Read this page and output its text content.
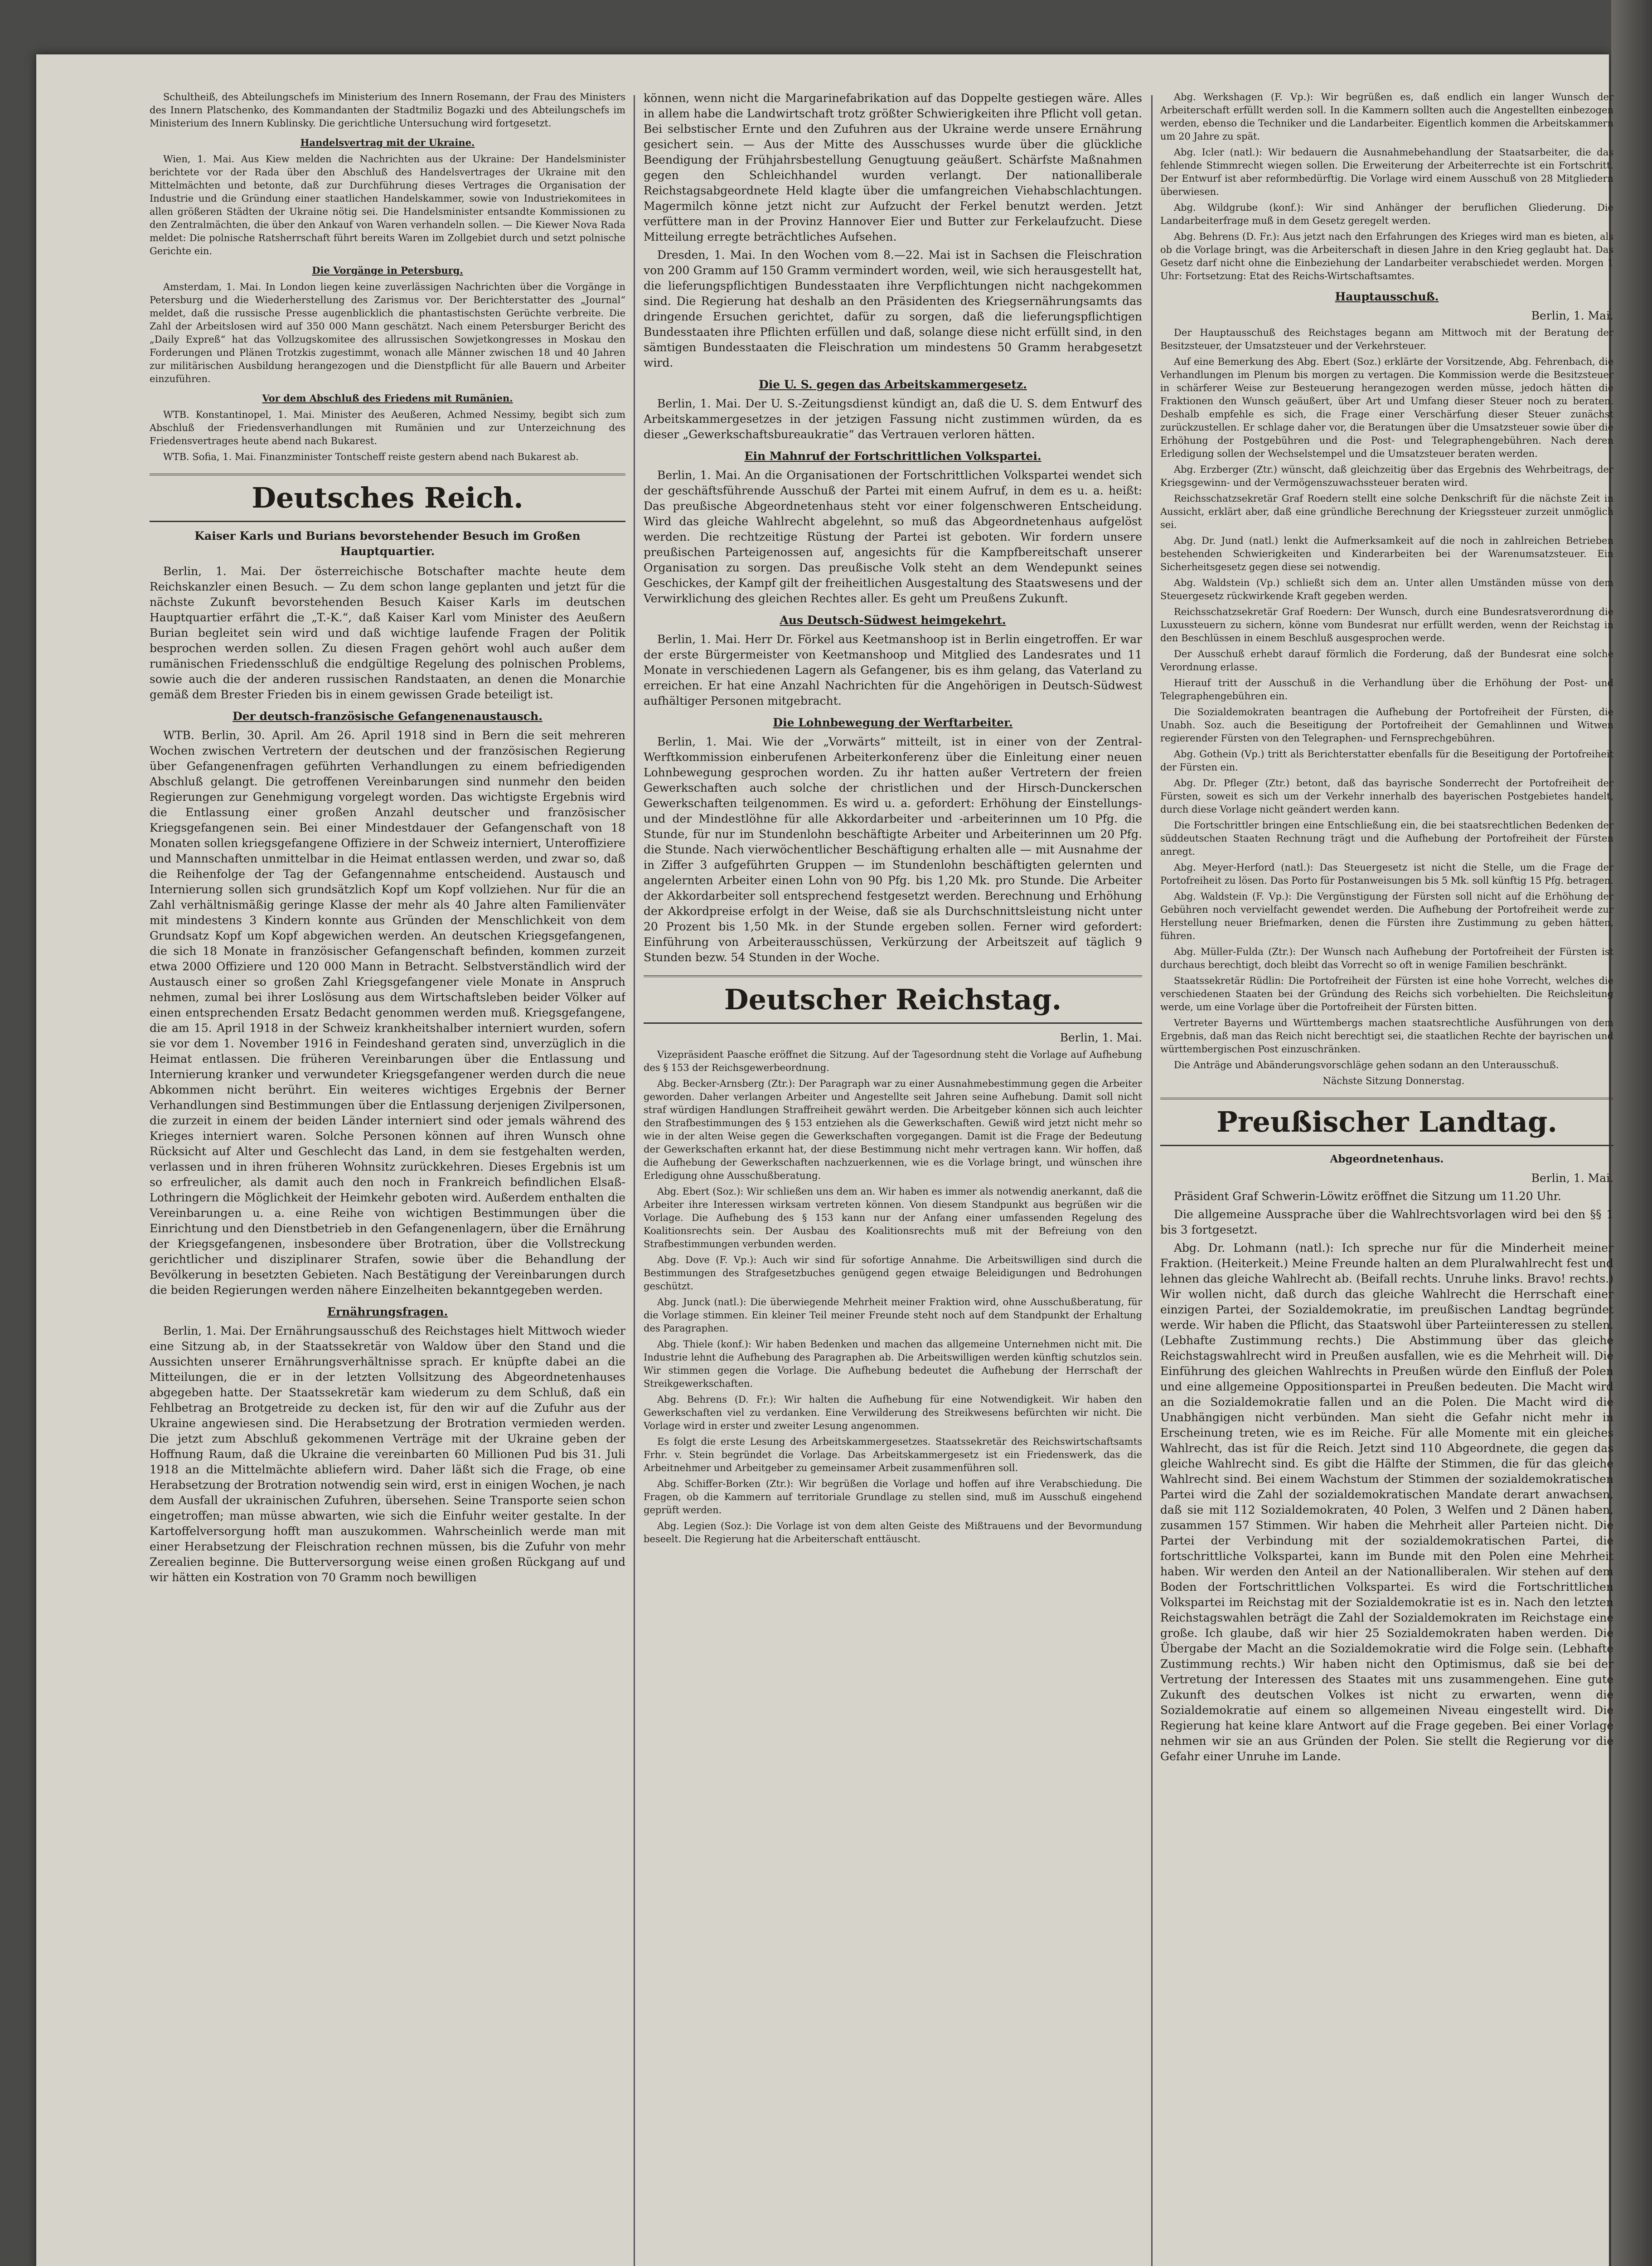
Schultheiß, des Abteilungschefs im Ministerium des Innern Rosemann, der Frau des Ministers des Innern Platschenko, des Kommandanten der Stadtmiliz Bogazki und des Abteilungschefs im Ministerium des Innern Kublinsky. Die gerichtliche Untersuchung wird fortgesetzt.

Handelsvertrag mit der Ukraine.

Wien, 1. Mai. Aus Kiew melden die Nachrichten aus der Ukraine: Der Handelsminister berichtete vor der Rada über den Abschluß des Handelsvertrages der Ukraine mit den Mittelmächten und betonte, daß zur Durchführung dieses Vertrages die Organisation der Industrie und die Gründung einer staatlichen Handelskammer, sowie von Industriekomitees in allen größeren Städten der Ukraine nötig sei. Die Handelsminister entsandte Kommissionen zu den Zentralmächten, die über den Ankauf von Waren verhandeln sollen. — Die Kiewer Nova Rada meldet: Die polnische Ratsherrschaft führt bereits Waren im Zollgebiet durch und setzt polnische Gerichte ein.

Die Vorgänge in Petersburg.

Amsterdam, 1. Mai. In London liegen keine zuverlässigen Nachrichten über die Vorgänge in Petersburg und die Wiederherstellung des Zarismus vor. Der Berichterstatter des „Journal“ meldet, daß die russische Presse augenblicklich die phantastischsten Gerüchte verbreite. Die Zahl der Arbeitslosen wird auf 350 000 Mann geschätzt. Nach einem Petersburger Bericht des „Daily Expreß“ hat das Vollzugskomitee des allrussischen Sowjetkongresses in Moskau den Forderungen und Plänen Trotzkis zugestimmt, wonach alle Männer zwischen 18 und 40 Jahren zur militärischen Ausbildung herangezogen und die Dienstpflicht für alle Bauern und Arbeiter einzuführen.

Vor dem Abschluß des Friedens mit Rumänien.

WTB. Konstantinopel, 1. Mai. Minister des Aeußeren, Achmed Nessimy, begibt sich zum Abschluß der Friedensverhandlungen mit Rumänien und zur Unterzeichnung des Friedensvertrages heute abend nach Bukarest.

WTB. Sofia, 1. Mai. Finanzminister Tontscheff reiste gestern abend nach Bukarest ab.

Deutsches Reich.
Kaiser Karls und Burians bevorstehender Besuch im Großen Hauptquartier.

Berlin, 1. Mai. Der österreichische Botschafter machte heute dem Reichskanzler einen Besuch. — Zu dem schon lange geplanten und jetzt für die nächste Zukunft bevorstehenden Besuch Kaiser Karls im deutschen Hauptquartier erfährt die „T.-K.“, daß Kaiser Karl vom Minister des Aeußern Burian begleitet sein wird und daß wichtige laufende Fragen der Politik besprochen werden sollen. Zu diesen Fragen gehört wohl auch außer dem rumänischen Friedensschluß die endgültige Regelung des polnischen Problems, sowie auch die der anderen russischen Randstaaten, an denen die Monarchie gemäß dem Brester Frieden bis in einem gewissen Grade beteiligt ist.

Der deutsch-französische Gefangenenaustausch.

WTB. Berlin, 30. April. Am 26. April 1918 sind in Bern die seit mehreren Wochen zwischen Vertretern der deutschen und der französischen Regierung über Gefangenenfragen geführten Verhandlungen zu einem befriedigenden Abschluß gelangt. Die getroffenen Vereinbarungen sind nunmehr den beiden Regierungen zur Genehmigung vorgelegt worden. Das wichtigste Ergebnis wird die Entlassung einer großen Anzahl deutscher und französischer Kriegsgefangenen sein. Bei einer Mindestdauer der Gefangenschaft von 18 Monaten sollen kriegsgefangene Offiziere in der Schweiz interniert, Unteroffiziere und Mannschaften unmittelbar in die Heimat entlassen werden, und zwar so, daß die Reihenfolge der Tag der Gefangennahme entscheidend. Austausch und Internierung sollen sich grundsätzlich Kopf um Kopf vollziehen. Nur für die an Zahl verhältnismäßig geringe Klasse der mehr als 40 Jahre alten Familienväter mit mindestens 3 Kindern konnte aus Gründen der Menschlichkeit von dem Grundsatz Kopf um Kopf abgewichen werden. An deutschen Kriegsgefangenen, die sich 18 Monate in französischer Gefangenschaft befinden, kommen zurzeit etwa 2000 Offiziere und 120 000 Mann in Betracht. Selbstverständlich wird der Austausch einer so großen Zahl Kriegsgefangener viele Monate in Anspruch nehmen, zumal bei ihrer Loslösung aus dem Wirtschaftsleben beider Völker auf einen entsprechenden Ersatz Bedacht genommen werden muß. Kriegsgefangene, die am 15. April 1918 in der Schweiz krankheitshalber interniert wurden, sofern sie vor dem 1. November 1916 in Feindeshand geraten sind, unverzüglich in die Heimat entlassen. Die früheren Vereinbarungen über die Entlassung und Internierung kranker und verwundeter Kriegsgefangener werden durch die neue Abkommen nicht berührt. Ein weiteres wichtiges Ergebnis der Berner Verhandlungen sind Bestimmungen über die Entlassung derjenigen Zivilpersonen, die zurzeit in einem der beiden Länder interniert sind oder jemals während des Krieges interniert waren. Solche Personen können auf ihren Wunsch ohne Rücksicht auf Alter und Geschlecht das Land, in dem sie festgehalten werden, verlassen und in ihren früheren Wohnsitz zurückkehren. Dieses Ergebnis ist um so erfreulicher, als damit auch den noch in Frankreich befindlichen Elsaß-Lothringern die Möglichkeit der Heimkehr geboten wird. Außerdem enthalten die Vereinbarungen u. a. eine Reihe von wichtigen Bestimmungen über die Einrichtung und den Dienstbetrieb in den Gefangenenlagern, über die Ernährung der Kriegsgefangenen, insbesondere über Brotration, über die Vollstreckung gerichtlicher und disziplinarer Strafen, sowie über die Behandlung der Bevölkerung in besetzten Gebieten. Nach Bestätigung der Vereinbarungen durch die beiden Regierungen werden nähere Einzelheiten bekanntgegeben werden.

Ernährungsfragen.

Berlin, 1. Mai. Der Ernährungsausschuß des Reichstages hielt Mittwoch wieder eine Sitzung ab, in der Staatssekretär von Waldow über den Stand und die Aussichten unserer Ernährungsverhältnisse sprach. Er knüpfte dabei an die Mitteilungen, die er in der letzten Vollsitzung des Abgeordnetenhauses abgegeben hatte. Der Staatssekretär kam wiederum zu dem Schluß, daß ein Fehlbetrag an Brotgetreide zu decken ist, für den wir auf die Zufuhr aus der Ukraine angewiesen sind. Die Herabsetzung der Brotration vermieden werden. Die jetzt zum Abschluß gekommenen Verträge mit der Ukraine geben der Hoffnung Raum, daß die Ukraine die vereinbarten 60 Millionen Pud bis 31. Juli 1918 an die Mittelmächte abliefern wird. Daher läßt sich die Frage, ob eine Herabsetzung der Brotration notwendig sein wird, erst in einigen Wochen, je nach dem Ausfall der ukrainischen Zufuhren, übersehen. Seine Transporte seien schon eingetroffen; man müsse abwarten, wie sich die Einfuhr weiter gestalte. In der Kartoffelversorgung hofft man auszukommen. Wahrscheinlich werde man mit einer Herabsetzung der Fleischration rechnen müssen, bis die Zufuhr von mehr Zerealien beginne. Die Butterversorgung weise einen großen Rückgang auf und wir hätten ein Kostration von 70 Gramm noch bewilligen

können, wenn nicht die Margarinefabrikation auf das Doppelte gestiegen wäre. Alles in allem habe die Landwirtschaft trotz größter Schwierigkeiten ihre Pflicht voll getan. Bei selbstischer Ernte und den Zufuhren aus der Ukraine werde unsere Ernährung gesichert sein. — Aus der Mitte des Ausschusses wurde über die glückliche Beendigung der Frühjahrsbestellung Genugtuung geäußert. Schärfste Maßnahmen gegen den Schleichhandel wurden verlangt. Der nationalliberale Reichstagsabgeordnete Held klagte über die umfangreichen Viehabschlachtungen. Magermilch könne jetzt nicht zur Aufzucht der Ferkel benutzt werden. Jetzt verfüttere man in der Provinz Hannover Eier und Butter zur Ferkelaufzucht. Diese Mitteilung erregte beträchtliches Aufsehen.

Dresden, 1. Mai. In den Wochen vom 8.—22. Mai ist in Sachsen die Fleischration von 200 Gramm auf 150 Gramm vermindert worden, weil, wie sich herausgestellt hat, die lieferungspflichtigen Bundesstaaten ihre Verpflichtungen nicht nachgekommen sind. Die Regierung hat deshalb an den Präsidenten des Kriegsernährungsamts das dringende Ersuchen gerichtet, dafür zu sorgen, daß die lieferungspflichtigen Bundesstaaten ihre Pflichten erfüllen und daß, solange diese nicht erfüllt sind, in den sämtigen Bundesstaaten die Fleischration um mindestens 50 Gramm herabgesetzt wird.

Die U. S. gegen das Arbeitskammergesetz.

Berlin, 1. Mai. Der U. S.-Zeitungsdienst kündigt an, daß die U. S. dem Entwurf des Arbeitskammergesetzes in der jetzigen Fassung nicht zustimmen würden, da es dieser „Gewerkschaftsbureaukratie“ das Vertrauen verloren hätten.

Ein Mahnruf der Fortschrittlichen Volkspartei.

Berlin, 1. Mai. An die Organisationen der Fortschrittlichen Volkspartei wendet sich der geschäftsführende Ausschuß der Partei mit einem Aufruf, in dem es u. a. heißt: Das preußische Abgeordnetenhaus steht vor einer folgenschweren Entscheidung. Wird das gleiche Wahlrecht abgelehnt, so muß das Abgeordnetenhaus aufgelöst werden. Die rechtzeitige Rüstung der Partei ist geboten. Wir fordern unsere preußischen Parteigenossen auf, angesichts für die Kampfbereitschaft unserer Organisation zu sorgen. Das preußische Volk steht an dem Wendepunkt seines Geschickes, der Kampf gilt der freiheitlichen Ausgestaltung des Staatswesens und der Verwirklichung des gleichen Rechtes aller. Es geht um Preußens Zukunft.

Aus Deutsch-Südwest heimgekehrt.

Berlin, 1. Mai. Herr Dr. Förkel aus Keetmanshoop ist in Berlin eingetroffen. Er war der erste Bürgermeister von Keetmanshoop und Mitglied des Landesrates und 11 Monate in verschiedenen Lagern als Gefangener, bis es ihm gelang, das Vaterland zu erreichen. Er hat eine Anzahl Nachrichten für die Angehörigen in Deutsch-Südwest aufhältiger Personen mitgebracht.

Die Lohnbewegung der Werftarbeiter.

Berlin, 1. Mai. Wie der „Vorwärts“ mitteilt, ist in einer von der Zentral-Werftkommission einberufenen Arbeiterkonferenz über die Einleitung einer neuen Lohnbewegung gesprochen worden. Zu ihr hatten außer Vertretern der freien Gewerkschaften auch solche der christlichen und der Hirsch-Dunckerschen Gewerkschaften teilgenommen. Es wird u. a. gefordert: Erhöhung der Einstellungs- und der Mindestlöhne für alle Akkordarbeiter und -arbeiterinnen um 10 Pfg. die Stunde, für nur im Stundenlohn beschäftigte Arbeiter und Arbeiterinnen um 20 Pfg. die Stunde. Nach vierwöchentlicher Beschäftigung erhalten alle — mit Ausnahme der in Ziffer 3 aufgeführten Gruppen — im Stundenlohn beschäftigten gelernten und angelernten Arbeiter einen Lohn von 90 Pfg. bis 1,20 Mk. pro Stunde. Die Arbeiter der Akkordarbeiter soll entsprechend festgesetzt werden. Berechnung und Erhöhung der Akkordpreise erfolgt in der Weise, daß sie als Durchschnittsleistung nicht unter 20 Prozent bis 1,50 Mk. in der Stunde ergeben sollen. Ferner wird gefordert: Einführung von Arbeiterausschüssen, Verkürzung der Arbeitszeit auf täglich 9 Stunden bezw. 54 Stunden in der Woche.

Deutscher Reichstag.
Berlin, 1. Mai.

Vizepräsident Paasche eröffnet die Sitzung. Auf der Tagesordnung steht die Vorlage auf Aufhebung des § 153 der Reichsgewerbeordnung.

Abg. Becker-Arnsberg (Ztr.): Der Paragraph war zu einer Ausnahmebestimmung gegen die Arbeiter geworden. Daher verlangen Arbeiter und Angestellte seit Jahren seine Aufhebung. Damit soll nicht straf würdigen Handlungen Straffreiheit gewährt werden. Die Arbeitgeber können sich auch leichter den Strafbestimmungen des § 153 entziehen als die Gewerkschaften. Gewiß wird jetzt nicht mehr so wie in der alten Weise gegen die Gewerkschaften vorgegangen. Damit ist die Frage der Bedeutung der Gewerkschaften erkannt hat, der diese Bestimmung nicht mehr vertragen kann. Wir hoffen, daß die Aufhebung der Gewerkschaften nachzuerkennen, wie es die Vorlage bringt, und wünschen ihre Erledigung ohne Ausschußberatung.

Abg. Ebert (Soz.): Wir schließen uns dem an. Wir haben es immer als notwendig anerkannt, daß die Arbeiter ihre Interessen wirksam vertreten können. Von diesem Standpunkt aus begrüßen wir die Vorlage. Die Aufhebung des § 153 kann nur der Anfang einer umfassenden Regelung des Koalitionsrechts sein. Der Ausbau des Koalitionsrechts muß mit der Befreiung von den Strafbestimmungen verbunden werden.

Abg. Dove (F. Vp.): Auch wir sind für sofortige Annahme. Die Arbeitswilligen sind durch die Bestimmungen des Strafgesetzbuches genügend gegen etwaige Beleidigungen und Bedrohungen geschützt.

Abg. Junck (natl.): Die überwiegende Mehrheit meiner Fraktion wird, ohne Ausschußberatung, für die Vorlage stimmen. Ein kleiner Teil meiner Freunde steht noch auf dem Standpunkt der Erhaltung des Paragraphen.

Abg. Thiele (konf.): Wir haben Bedenken und machen das allgemeine Unternehmen nicht mit. Die Industrie lehnt die Aufhebung des Paragraphen ab. Die Arbeitswilligen werden künftig schutzlos sein. Wir stimmen gegen die Vorlage. Die Aufhebung bedeutet die Aufhebung der Herrschaft der Streikgewerkschaften.

Abg. Behrens (D. Fr.): Wir halten die Aufhebung für eine Notwendigkeit. Wir haben den Gewerkschaften viel zu verdanken. Eine Verwilderung des Streikwesens befürchten wir nicht. Die Vorlage wird in erster und zweiter Lesung angenommen.

Es folgt die erste Lesung des Arbeitskammergesetzes. Staatssekretär des Reichswirtschaftsamts Frhr. v. Stein begründet die Vorlage. Das Arbeitskammergesetz ist ein Friedenswerk, das die Arbeitnehmer und Arbeitgeber zu gemeinsamer Arbeit zusammenführen soll.

Abg. Schiffer-Borken (Ztr.): Wir begrüßen die Vorlage und hoffen auf ihre Verabschiedung. Die Fragen, ob die Kammern auf territoriale Grundlage zu stellen sind, muß im Ausschuß eingehend geprüft werden.

Abg. Legien (Soz.): Die Vorlage ist von dem alten Geiste des Mißtrauens und der Bevormundung beseelt. Die Regierung hat die Arbeiterschaft enttäuscht.

Abg. Werkshagen (F. Vp.): Wir begrüßen es, daß endlich ein langer Wunsch der Arbeiterschaft erfüllt werden soll. In die Kammern sollten auch die Angestellten einbezogen werden, ebenso die Techniker und die Landarbeiter. Eigentlich kommen die Arbeitskammern um 20 Jahre zu spät.

Abg. Icler (natl.): Wir bedauern die Ausnahmebehandlung der Staatsarbeiter, die das fehlende Stimmrecht wiegen sollen. Die Erweiterung der Arbeiterrechte ist ein Fortschritt. Der Entwurf ist aber reformbedürftig. Die Vorlage wird einem Ausschuß von 28 Mitgliedern überwiesen.

Abg. Wildgrube (konf.): Wir sind Anhänger der beruflichen Gliederung. Die Landarbeiterfrage muß in dem Gesetz geregelt werden.

Abg. Behrens (D. Fr.): Aus jetzt nach den Erfahrungen des Krieges wird man es bieten, als ob die Vorlage bringt, was die Arbeiterschaft in diesen Jahre in den Krieg geglaubt hat. Das Gesetz darf nicht ohne die Einbeziehung der Landarbeiter verabschiedet werden. Morgen 1 Uhr: Fortsetzung: Etat des Reichs-Wirtschaftsamtes.

Hauptausschuß.
Berlin, 1. Mai.

Der Hauptausschuß des Reichstages begann am Mittwoch mit der Beratung der Besitzsteuer, der Umsatzsteuer und der Verkehrsteuer.

Auf eine Bemerkung des Abg. Ebert (Soz.) erklärte der Vorsitzende, Abg. Fehrenbach, die Verhandlungen im Plenum bis morgen zu vertagen. Die Kommission werde die Besitzsteuer in schärferer Weise zur Besteuerung herangezogen werden müsse, jedoch hätten die Fraktionen den Wunsch geäußert, über Art und Umfang dieser Steuer noch zu beraten. Deshalb empfehle es sich, die Frage einer Verschärfung dieser Steuer zunächst zurückzustellen. Er schlage daher vor, die Beratungen über die Umsatzsteuer sowie über die Erhöhung der Postgebühren und die Post- und Telegraphengebühren. Nach deren Erledigung sollen der Wechselstempel und die Umsatzsteuer beraten werden.

Abg. Erzberger (Ztr.) wünscht, daß gleichzeitig über das Ergebnis des Wehrbeitrags, der Kriegsgewinn- und der Vermögenszuwachssteuer beraten wird.

Reichsschatzsekretär Graf Roedern stellt eine solche Denkschrift für die nächste Zeit in Aussicht, erklärt aber, daß eine gründliche Berechnung der Kriegssteuer zurzeit unmöglich sei.

Abg. Dr. Jund (natl.) lenkt die Aufmerksamkeit auf die noch in zahlreichen Betrieben bestehenden Schwierigkeiten und Kinderarbeiten bei der Warenumsatzsteuer. Ein Sicherheitsgesetz gegen diese sei notwendig.

Abg. Waldstein (Vp.) schließt sich dem an. Unter allen Umständen müsse von dem Steuergesetz rückwirkende Kraft gegeben werden.

Reichsschatzsekretär Graf Roedern: Der Wunsch, durch eine Bundesratsverordnung die Luxussteuern zu sichern, könne vom Bundesrat nur erfüllt werden, wenn der Reichstag in den Beschlüssen in einem Beschluß ausgesprochen werde.

Der Ausschuß erhebt darauf förmlich die Forderung, daß der Bundesrat eine solche Verordnung erlasse.

Hierauf tritt der Ausschuß in die Verhandlung über die Erhöhung der Post- und Telegraphengebühren ein.

Die Sozialdemokraten beantragen die Aufhebung der Portofreiheit der Fürsten, die Unabh. Soz. auch die Beseitigung der Portofreiheit der Gemahlinnen und Witwen regierender Fürsten von den Telegraphen- und Fernsprechgebühren.

Abg. Gothein (Vp.) tritt als Berichterstatter ebenfalls für die Beseitigung der Portofreiheit der Fürsten ein.

Abg. Dr. Pfleger (Ztr.) betont, daß das bayrische Sonderrecht der Portofreiheit der Fürsten, soweit es sich um der Verkehr innerhalb des bayerischen Postgebietes handelt, durch diese Vorlage nicht geändert werden kann.

Die Fortschrittler bringen eine Entschließung ein, die bei staatsrechtlichen Bedenken der süddeutschen Staaten Rechnung trägt und die Aufhebung der Portofreiheit der Fürsten anregt.

Abg. Meyer-Herford (natl.): Das Steuergesetz ist nicht die Stelle, um die Frage der Portofreiheit zu lösen. Das Porto für Postanweisungen bis 5 Mk. soll künftig 15 Pfg. betragen.

Abg. Waldstein (F. Vp.): Die Vergünstigung der Fürsten soll nicht auf die Erhöhung der Gebühren noch vervielfacht gewendet werden. Die Aufhebung der Portofreiheit werde zur Herstellung neuer Briefmarken, denen die Fürsten ihre Zustimmung zu geben hätten, führen.

Abg. Müller-Fulda (Ztr.): Der Wunsch nach Aufhebung der Portofreiheit der Fürsten ist durchaus berechtigt, doch bleibt das Vorrecht so oft in wenige Familien beschränkt.

Staatssekretär Rüdlin: Die Portofreiheit der Fürsten ist eine hohe Vorrecht, welches die verschiedenen Staaten bei der Gründung des Reichs sich vorbehielten. Die Reichsleitung werde, um eine Vorlage über die Portofreiheit der Fürsten bitten.

Vertreter Bayerns und Württembergs machen staatsrechtliche Ausführungen von dem Ergebnis, daß man das Reich nicht berechtigt sei, die staatlichen Rechte der bayrischen und württembergischen Post einzuschränken.

Die Anträge und Abänderungsvorschläge gehen sodann an den Unterausschuß.

Nächste Sitzung Donnerstag.

Preußischer Landtag.
Abgeordnetenhaus.
Berlin, 1. Mai.

Präsident Graf Schwerin-Löwitz eröffnet die Sitzung um 11.20 Uhr.

Die allgemeine Aussprache über die Wahlrechtsvorlagen wird bei den §§ 1 bis 3 fortgesetzt.

Abg. Dr. Lohmann (natl.): Ich spreche nur für die Minderheit meiner Fraktion. (Heiterkeit.) Meine Freunde halten an dem Pluralwahlrecht fest und lehnen das gleiche Wahlrecht ab. (Beifall rechts. Unruhe links. Bravo! rechts.) Wir wollen nicht, daß durch das gleiche Wahlrecht die Herrschaft einer einzigen Partei, der Sozialdemokratie, im preußischen Landtag begründet werde. Wir haben die Pflicht, das Staatswohl über Parteiinteressen zu stellen. (Lebhafte Zustimmung rechts.) Die Abstimmung über das gleiche Reichstagswahlrecht wird in Preußen ausfallen, wie es die Mehrheit will. Die Einführung des gleichen Wahlrechts in Preußen würde den Einfluß der Polen und eine allgemeine Oppositionspartei in Preußen bedeuten. Die Macht wird an die Sozialdemokratie fallen und an die Polen. Die Macht wird die Unabhängigen nicht verbünden. Man sieht die Gefahr nicht mehr in Erscheinung treten, wie es im Reiche. Für alle Momente mit ein gleiches Wahlrecht, das ist für die Reich. Jetzt sind 110 Abgeordnete, die gegen das gleiche Wahlrecht sind. Es gibt die Hälfte der Stimmen, die für das gleiche Wahlrecht sind. Bei einem Wachstum der Stimmen der sozialdemokratischen Partei wird die Zahl der sozialdemokratischen Mandate derart anwachsen, daß sie mit 112 Sozialdemokraten, 40 Polen, 3 Welfen und 2 Dänen haben, zusammen 157 Stimmen. Wir haben die Mehrheit aller Parteien nicht. Die Partei der Verbindung mit der sozialdemokratischen Partei, die fortschrittliche Volkspartei, kann im Bunde mit den Polen eine Mehrheit haben. Wir werden den Anteil an der Nationalliberalen. Wir stehen auf dem Boden der Fortschrittlichen Volkspartei. Es wird die Fortschrittlichen Volkspartei im Reichstag mit der Sozialdemokratie ist es in. Nach den letzten Reichstagswahlen beträgt die Zahl der Sozialdemokraten im Reichstage eine große. Ich glaube, daß wir hier 25 Sozialdemokraten haben werden. Die Übergabe der Macht an die Sozialdemokratie wird die Folge sein. (Lebhafte Zustimmung rechts.) Wir haben nicht den Optimismus, daß sie bei der Vertretung der Interessen des Staates mit uns zusammengehen. Eine gute Zukunft des deutschen Volkes ist nicht zu erwarten, wenn die Sozialdemokratie auf einem so allgemeinen Niveau eingestellt wird. Die Regierung hat keine klare Antwort auf die Frage gegeben. Bei einer Vorlage nehmen wir sie an aus Gründen der Polen. Sie stellt die Regierung vor die Gefahr einer Unruhe im Lande.
